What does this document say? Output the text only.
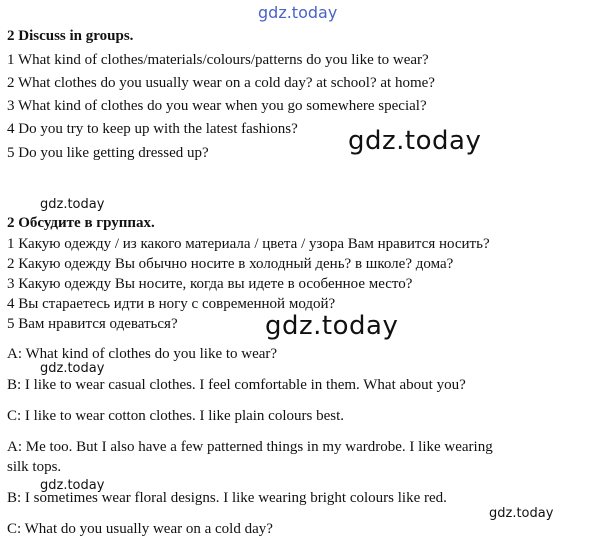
gdz.today
gdz.today
gdz.today
gdz.today
gdz.today
gdz.today
gdz.today
2 Discuss in groups.
1 What kind of clothes/materials/colours/patterns do you like to wear?
2 What clothes do you usually wear on a cold day? at school? at home?
3 What kind of clothes do you wear when you go somewhere special?
4 Do you try to keep up with the latest fashions?
5 Do you like getting dressed up?
2 Обсудите в группах.
1 Какую одежду / из какого материала / цвета / узора Вам нравится носить?
2 Какую одежду Вы обычно носите в холодный день? в школе? дома?
3 Какую одежду Вы носите, когда вы идете в особенное место?
4 Вы стараетесь идти в ногу с современной модой?
5 Вам нравится одеваться?
A: What kind of clothes do you like to wear?
B: I like to wear casual clothes. I feel comfortable in them. What about you?
C: I like to wear cotton clothes. I like plain colours best.
A: Me too. But I also have a few patterned things in my wardrobe. I like wearing
silk tops.
B: I sometimes wear floral designs. I like wearing bright colours like red.
C: What do you usually wear on a cold day?
